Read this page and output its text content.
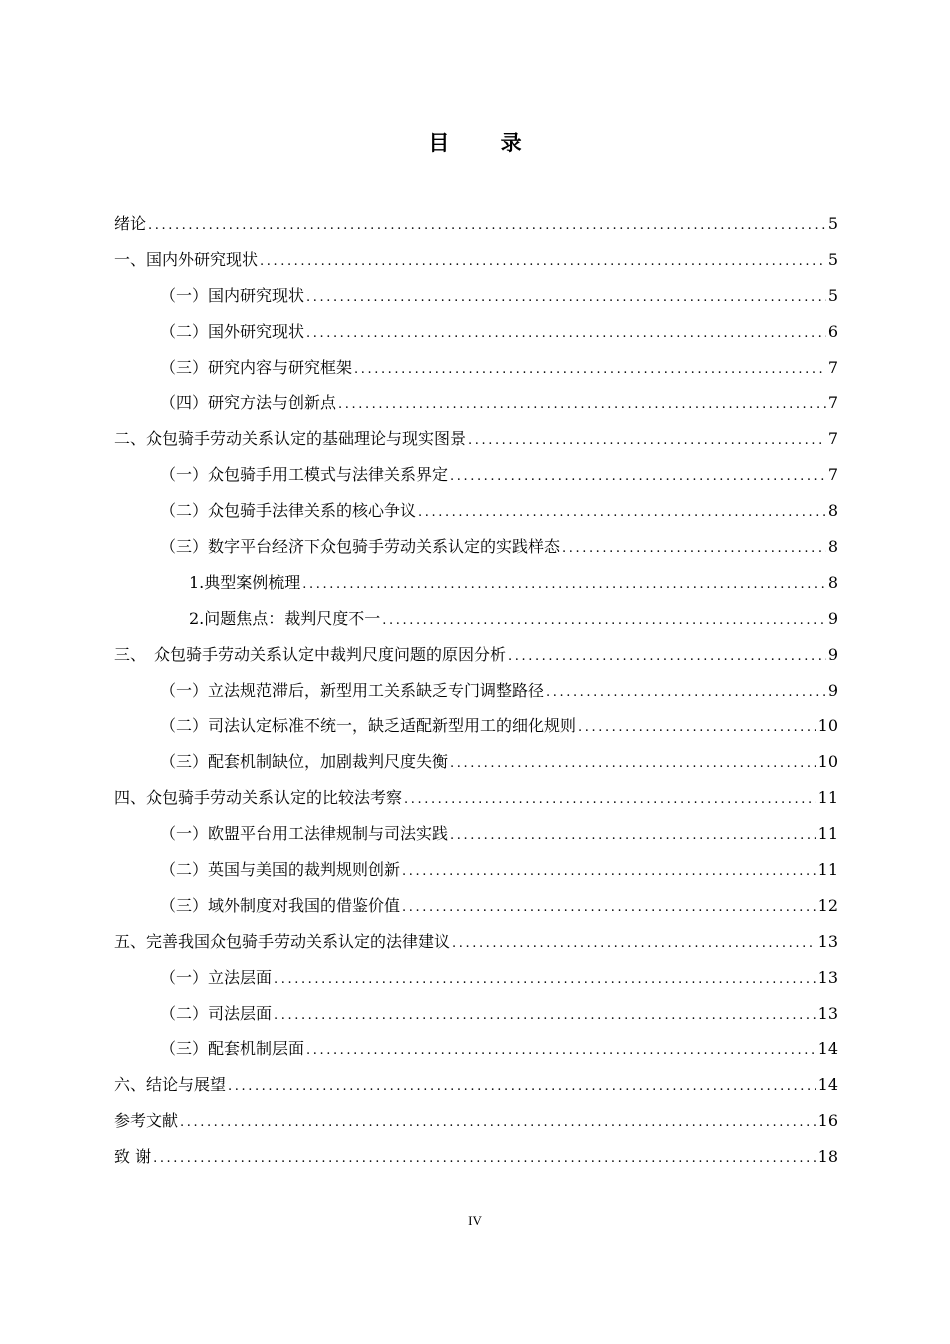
目 录
绪论 .....	5
一、国内外研究现状 .....	5
（一）国内研究现状 .....	5
（二）国外研究现状 .....	6
（三）研究内容与研究框架 .....	7
（四）研究方法与创新点 .....	7
二、众包骑手劳动关系认定的基础理论与现实图景 .....	7
（一）众包骑手用工模式与法律关系界定 .....	7
（二）众包骑手法律关系的核心争议 .....	8
（三）数字平台经济下众包骑手劳动关系认定的实践样态 .....	8
1.典型案例梳理 .....	8
2.问题焦点：裁判尺度不一 .....	9
三、　众包骑手劳动关系认定中裁判尺度问题的原因分析 .....	9
（一）立法规范滞后，新型用工关系缺乏专门调整路径 .....	9
（二）司法认定标准不统一，缺乏适配新型用工的细化规则 .....	10
（三）配套机制缺位，加剧裁判尺度失衡 .....	10
四、众包骑手劳动关系认定的比较法考察 .....	11
（一）欧盟平台用工法律规制与司法实践 .....	11
（二）英国与美国的裁判规则创新 .....	11
（三）域外制度对我国的借鉴价值 .....	12
五、完善我国众包骑手劳动关系认定的法律建议 .....	13
（一）立法层面 .....	13
（二）司法层面 .....	13
（三）配套机制层面 .....	14
六、结论与展望 .....	14
参考文献 .....	16
致 谢 .....	18
IV
